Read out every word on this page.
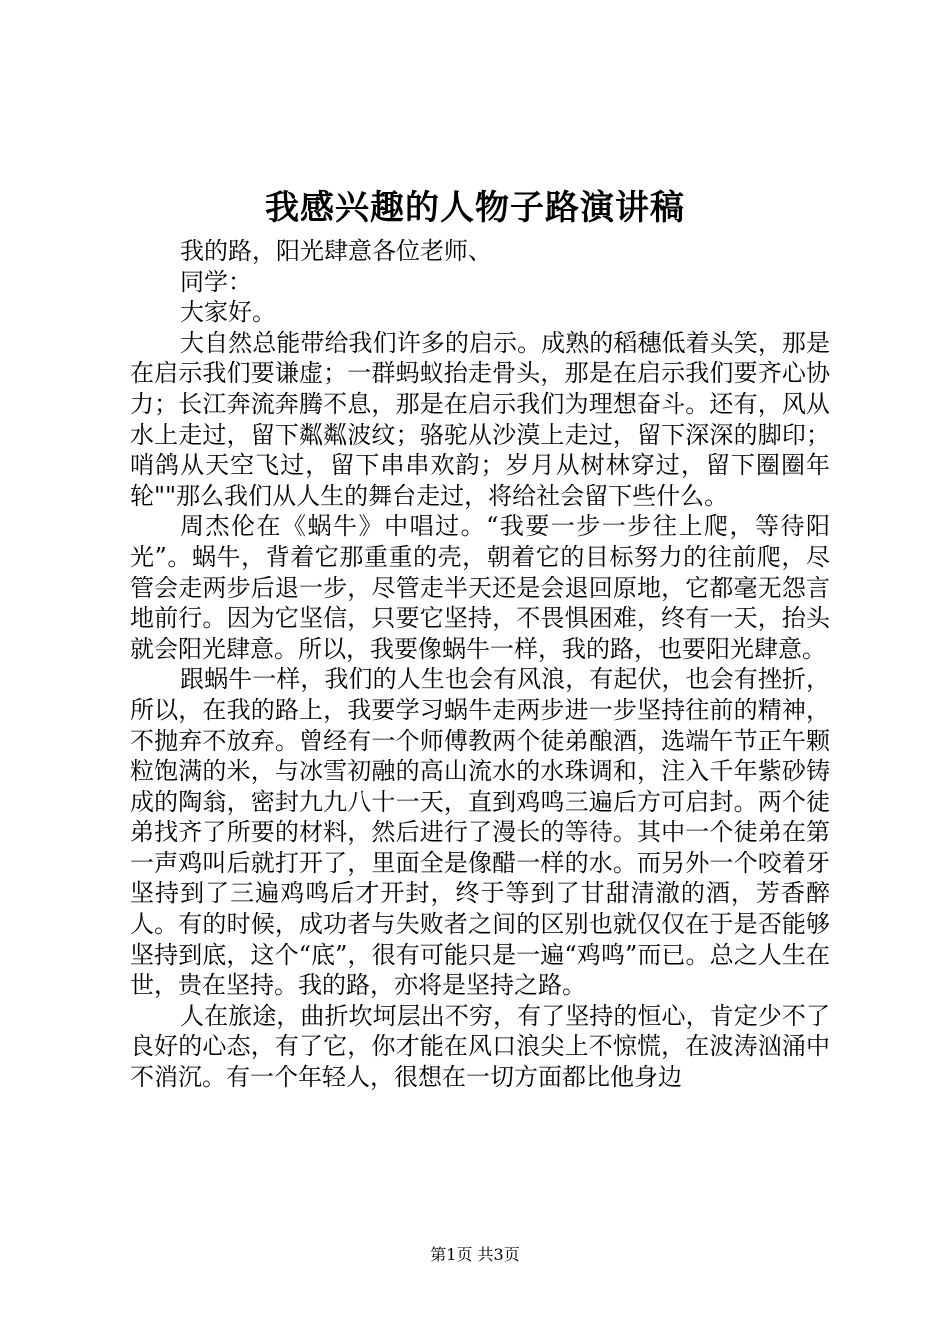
我感兴趣的人物子路演讲稿

我的路，阳光肆意各位老师、

同学：

大家好。

大自然总能带给我们许多的启示。成熟的稻穗低着头笑，那是在启示我们要谦虚；一群蚂蚁抬走骨头，那是在启示我们要齐心协力；长江奔流奔腾不息，那是在启示我们为理想奋斗。还有，风从水上走过，留下粼粼波纹；骆驼从沙漠上走过，留下深深的脚印；哨鸽从天空飞过，留下串串欢韵；岁月从树林穿过，留下圈圈年轮""那么我们从人生的舞台走过，将给社会留下些什么。

周杰伦在《蜗牛》中唱过。“我要一步一步往上爬，等待阳光”。蜗牛，背着它那重重的壳，朝着它的目标努力的往前爬，尽管会走两步后退一步，尽管走半天还是会退回原地，它都毫无怨言地前行。因为它坚信，只要它坚持，不畏惧困难，终有一天，抬头就会阳光肆意。所以，我要像蜗牛一样，我的路，也要阳光肆意。

跟蜗牛一样，我们的人生也会有风浪，有起伏，也会有挫折，所以，在我的路上，我要学习蜗牛走两步进一步坚持往前的精神，不抛弃不放弃。曾经有一个师傅教两个徒弟酿酒，选端午节正午颗粒饱满的米，与冰雪初融的高山流水的水珠调和，注入千年紫砂铸成的陶翁，密封九九八十一天，直到鸡鸣三遍后方可启封。两个徒弟找齐了所要的材料，然后进行了漫长的等待。其中一个徒弟在第一声鸡叫后就打开了，里面全是像醋一样的水。而另外一个咬着牙坚持到了三遍鸡鸣后才开封，终于等到了甘甜清澈的酒，芳香醉人。有的时候，成功者与失败者之间的区别也就仅仅在于是否能够坚持到底，这个“底”，很有可能只是一遍“鸡鸣”而已。总之人生在世，贵在坚持。我的路，亦将是坚持之路。

人在旅途，曲折坎坷层出不穷，有了坚持的恒心，肯定少不了良好的心态，有了它，你才能在风口浪尖上不惊慌，在波涛汹涌中不消沉。有一个年轻人，很想在一切方面都比他身边

第1页 共3页
